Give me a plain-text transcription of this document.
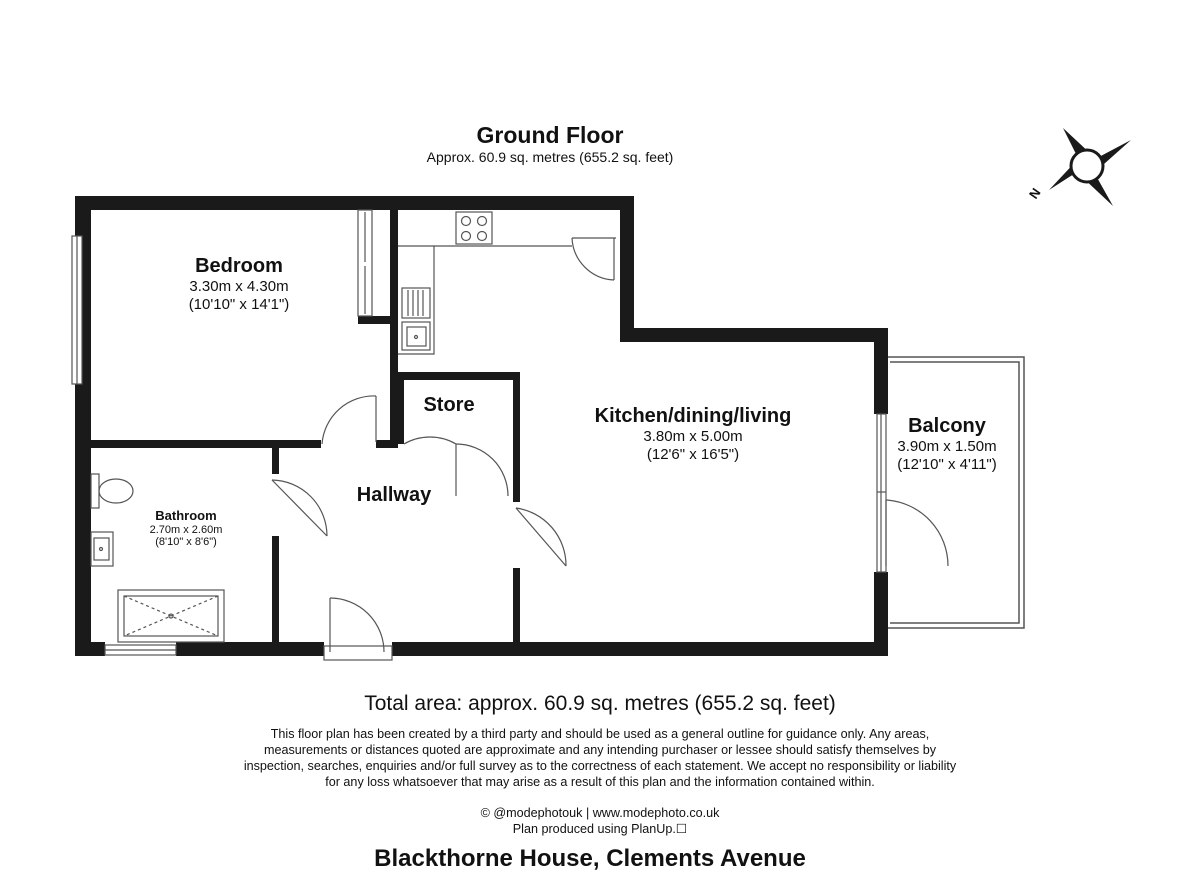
N
Ground Floor
Approx. 60.9 sq. metres (655.2 sq. feet)
Bedroom
3.30m x 4.30m
(10'10" x 14'1")
Kitchen/dining/living
3.80m x 5.00m
(12'6" x 16'5")
Balcony
3.90m x 1.50m
(12'10" x 4'11")
Bathroom
2.70m x 2.60m
(8'10" x 8'6")
Store
Hallway
Total area: approx. 60.9 sq. metres (655.2 sq. feet)
This floor plan has been created by a third party and should be used as a general outline for guidance only. Any areas,
measurements or distances quoted are approximate and any intending purchaser or lessee should satisfy themselves by
inspection, searches, enquiries and/or full survey as to the correctness of each statement. We accept no responsibility or liability
for any loss whatsoever that may arise as a result of this plan and the information contained within.
© @modephotouk | www.modephoto.co.uk
Plan produced using PlanUp.☐
Blackthorne House, Clements Avenue
